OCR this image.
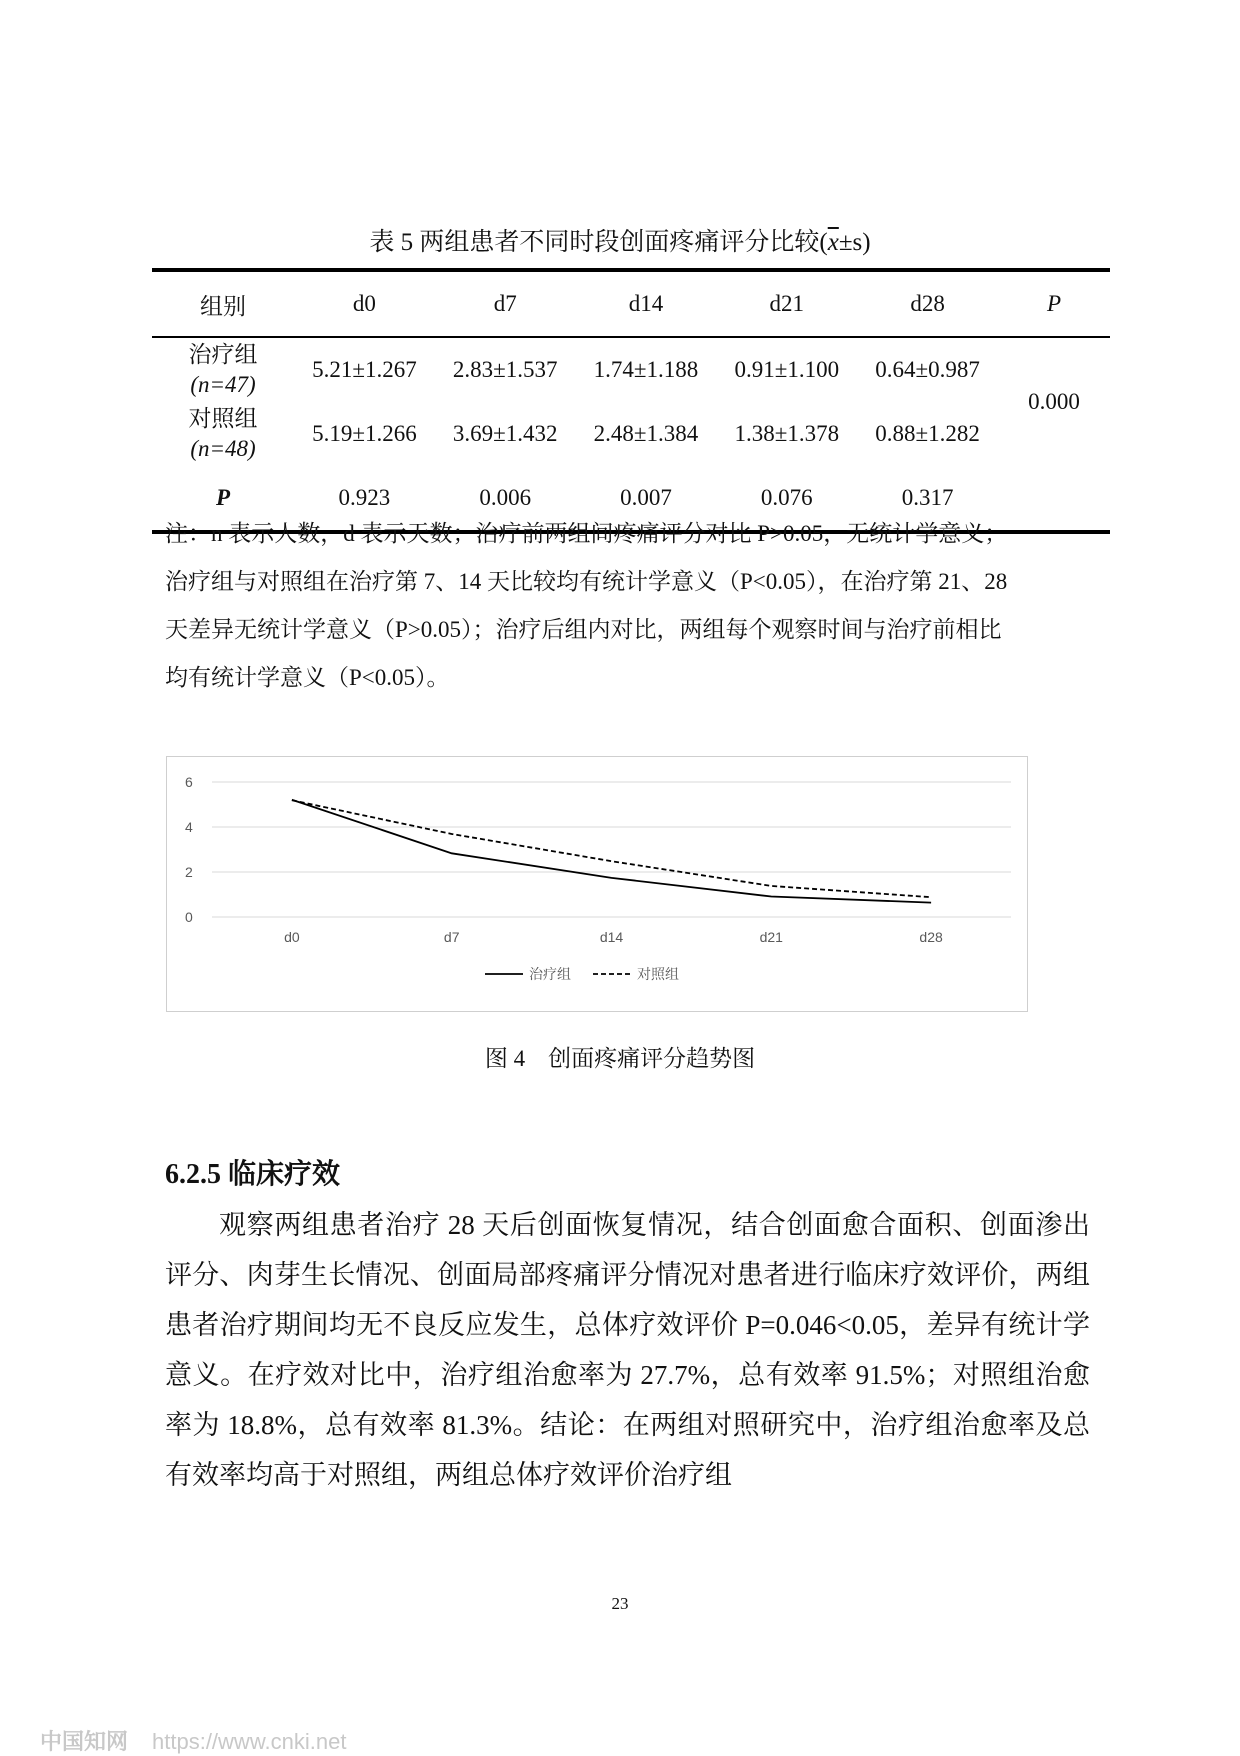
表 5 两组患者不同时段创面疼痛评分比较$(\overline{x}\pm s)$
组别	d0	d7	d14	d21	d28	P

治疗组
(n=47)	5.21±1.267	2.83±1.537	1.74±1.188	0.91±1.100	0.64±0.987	0.000

对照组
(n=48)	5.19±1.266	3.69±1.432	2.48±1.384	1.38±1.378	0.88±1.282	
P	0.923	0.006	0.007	0.076	0.317	

注：n 表示人数，d 表示天数；治疗前两组间疼痛评分对比 P>0.05，无统计学意义；

治疗组与对照组在治疗第 7、14 天比较均有统计学意义（P<0.05），在治疗第 21、28

天差异无统计学意义（P>0.05）；治疗后组内对比，两组每个观察时间与治疗前相比

均有统计学意义（P<0.05）。

0
2
4
6
d0	d7	d14	d21	d28
治疗组	对照组
图 4　创面疼痛评分趋势图
6.2.5 临床疗效

观察两组患者治疗 28 天后创面恢复情况，结合创面愈合面积、创面渗出评分、肉芽生长情况、创面局部疼痛评分情况对患者进行临床疗效评价，两组患者治疗期间均无不良反应发生，总体疗效评价 P=0.046<0.05，差异有统计学意义。在疗效对比中，治疗组治愈率为 27.7%，总有效率 91.5%；对照组治愈率为 18.8%，总有效率 81.3%。结论：在两组对照研究中，治疗组治愈率及总有效率均高于对照组，两组总体疗效评价治疗组

23
中国知网 https://www.cnki.net
